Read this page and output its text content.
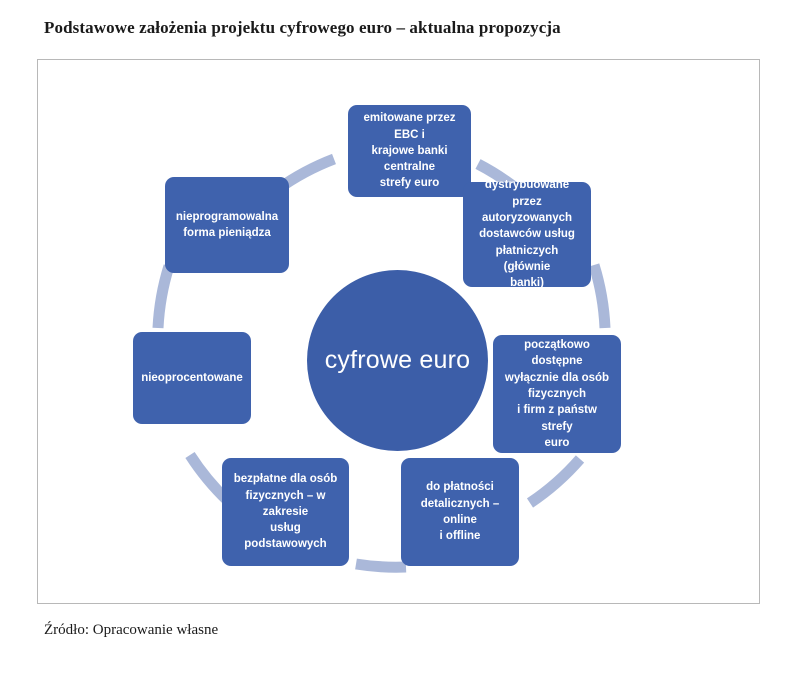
Podstawowe założenia projektu cyfrowego euro – aktualna propozycja
cyfrowe euro
emitowane przez EBC i
krajowe banki centralne
strefy euro	dystrybuowane przez
autoryzowanych
dostawców usług
płatniczych (głównie
banki)
początkowo dostępne
wyłącznie dla osób
fizycznych
i firm z państw strefy
euro
do płatności
detalicznych – online
i offline
bezpłatne dla osób
fizycznych – w zakresie
usług podstawowych
nieoprocentowane
nieprogramowalna
forma pieniądza
Źródło: Opracowanie własne
